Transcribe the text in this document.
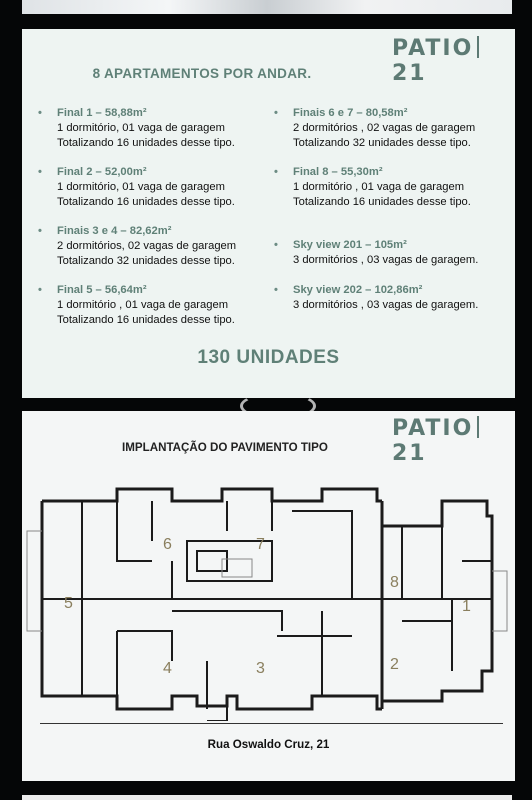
PATIO21
8 APARTAMENTOS POR ANDAR.
• Final 1 – 58,88m²
1 dormitório, 01 vaga de garagem
Totalizando 16 unidades desse tipo.
• Final 2 – 52,00m²
1 dormitório, 01 vaga de garagem
Totalizando 16 unidades desse tipo.
• Finais 3 e 4 – 82,62m²
2 dormitórios, 02 vagas de garagem
Totalizando 32 unidades desse tipo.
• Final 5 – 56,64m²
1 dormitório , 01 vaga de garagem
Totalizando 16 unidades desse tipo.
• Finais 6 e 7 – 80,58m²
2 dormitórios , 02 vagas de garagem
Totalizando 32 unidades desse tipo.
• Final 8 – 55,30m²
1 dormitório , 01 vaga de garagem
Totalizando 16 unidades desse tipo.
• Sky view 201 – 105m²
3 dormitórios , 03 vagas de garagem.
• Sky view 202 – 102,86m²
3 dormitórios , 03 vagas de garagem.
130 UNIDADES
PATIO21
IMPLANTAÇÃO DO PAVIMENTO TIPO
1
2
3
4
5
6	7
8
Rua Oswaldo Cruz, 21
